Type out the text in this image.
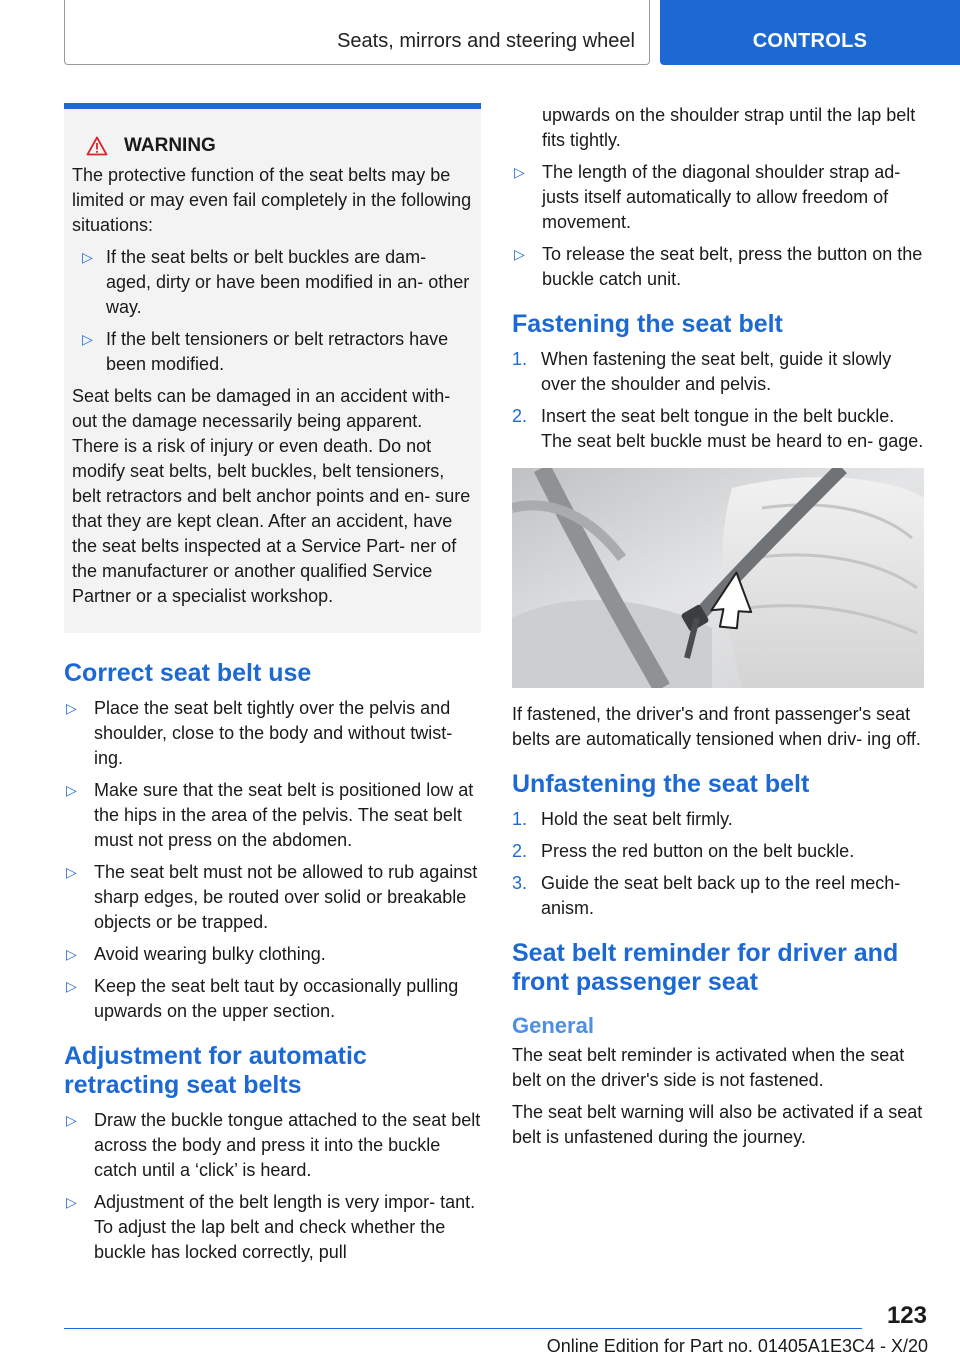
Seats, mirrors and steering wheel	CONTROLS
WARNING
The protective function of the seat belts may be limited or may even fail completely in the following situations:
▷ If the seat belts or belt buckles are dam‐ aged, dirty or have been modified in an‐ other way.
▷ If the belt tensioners or belt retractors have been modified.
Seat belts can be damaged in an accident with‐ out the damage necessarily being apparent. There is a risk of injury or even death. Do not modify seat belts, belt buckles, belt tensioners, belt retractors and belt anchor points and en‐ sure that they are kept clean. After an accident, have the seat belts inspected at a Service Part‐ ner of the manufacturer or another qualified Service Partner or a specialist workshop.
Correct seat belt use
▷ Place the seat belt tightly over the pelvis and shoulder, close to the body and without twist‐ ing.
▷ Make sure that the seat belt is positioned low at the hips in the area of the pelvis. The seat belt must not press on the abdomen.
▷ The seat belt must not be allowed to rub against sharp edges, be routed over solid or breakable objects or be trapped.
▷ Avoid wearing bulky clothing.
▷ Keep the seat belt taut by occasionally pulling upwards on the upper section.
Adjustment for automatic retracting seat belts
▷ Draw the buckle tongue attached to the seat belt across the body and press it into the buckle catch until a ‘click’ is heard.
▷ Adjustment of the belt length is very impor‐ tant. To adjust the lap belt and check whether the buckle has locked correctly, pull
upwards on the shoulder strap until the lap belt fits tightly.
▷ The length of the diagonal shoulder strap ad‐ justs itself automatically to allow freedom of movement.
▷ To release the seat belt, press the button on the buckle catch unit.
Fastening the seat belt
1. When fastening the seat belt, guide it slowly over the shoulder and pelvis.
2. Insert the seat belt tongue in the belt buckle. The seat belt buckle must be heard to en‐ gage.
If fastened, the driver's and front passenger's seat belts are automatically tensioned when driv‐ ing off.
Unfastening the seat belt
1. Hold the seat belt firmly.
2. Press the red button on the belt buckle.
3. Guide the seat belt back up to the reel mech‐ anism.
Seat belt reminder for driver and front passenger seat
General
The seat belt reminder is activated when the seat belt on the driver's side is not fastened.
The seat belt warning will also be activated if a seat belt is unfastened during the journey.
123
Online Edition for Part no. 01405A1E3C4 - X/20
